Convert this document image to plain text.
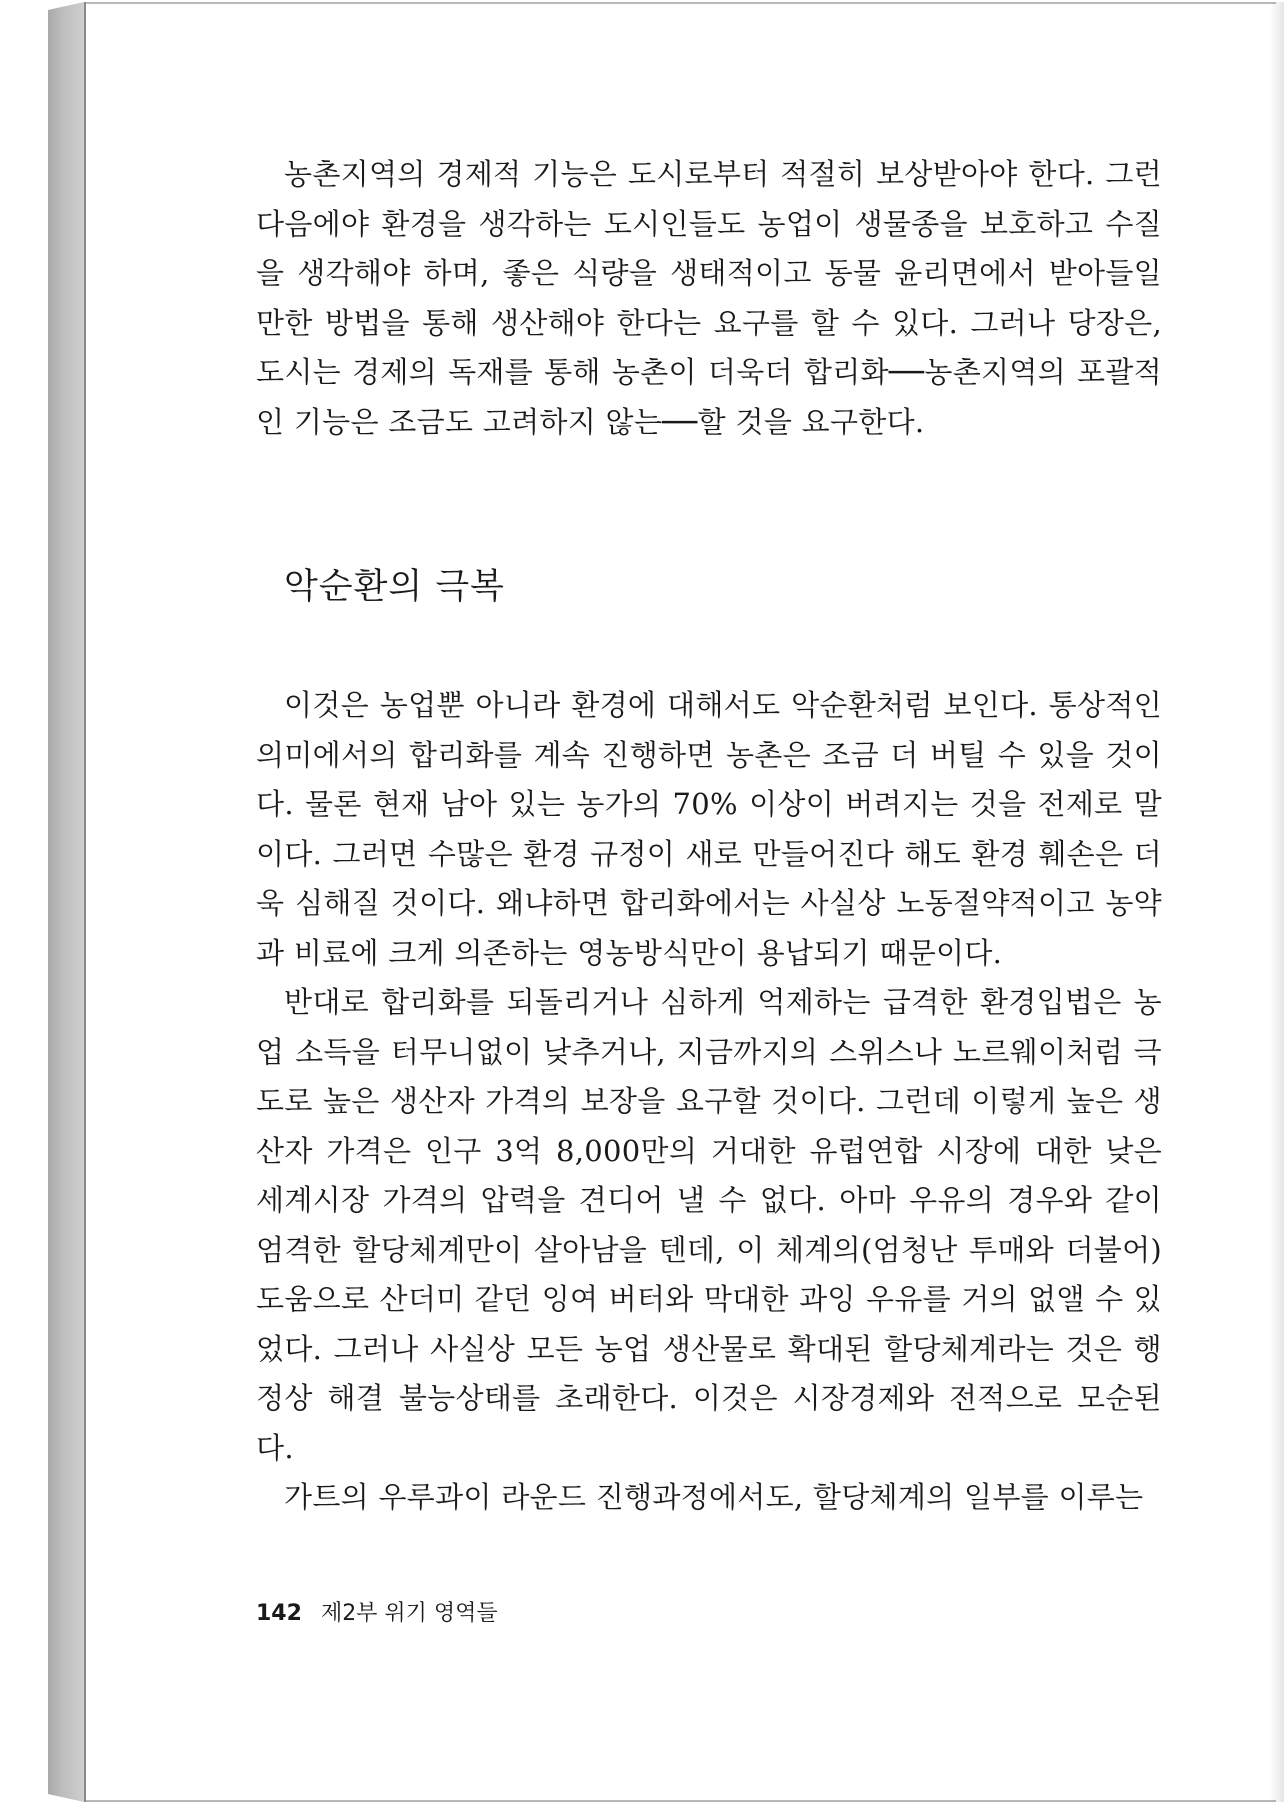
농촌지역의 경제적 기능은 도시로부터 적절히 보상받아야 한다. 그런 다음에야 환경을 생각하는 도시인들도 농업이 생물종을 보호하고 수질을 생각해야 하며, 좋은 식량을 생태적이고 동물 윤리면에서 받아들일 만한 방법을 통해 생산해야 한다는 요구를 할 수 있다. 그러나 당장은, 도시는 경제의 독재를 통해 농촌이 더욱더 합리화──농촌지역의 포괄적인 기능은 조금도 고려하지 않는──할 것을 요구한다.

악순환의 극복

이것은 농업뿐 아니라 환경에 대해서도 악순환처럼 보인다. 통상적인 의미에서의 합리화를 계속 진행하면 농촌은 조금 더 버틸 수 있을 것이다. 물론 현재 남아 있는 농가의 70% 이상이 버려지는 것을 전제로 말이다. 그러면 수많은 환경 규정이 새로 만들어진다 해도 환경 훼손은 더욱 심해질 것이다. 왜냐하면 합리화에서는 사실상 노동절약적이고 농약과 비료에 크게 의존하는 영농방식만이 용납되기 때문이다.

반대로 합리화를 되돌리거나 심하게 억제하는 급격한 환경입법은 농업 소득을 터무니없이 낮추거나, 지금까지의 스위스나 노르웨이처럼 극도로 높은 생산자 가격의 보장을 요구할 것이다. 그런데 이렇게 높은 생산자 가격은 인구 3억 8,000만의 거대한 유럽연합 시장에 대한 낮은 세계시장 가격의 압력을 견디어 낼 수 없다. 아마 우유의 경우와 같이 엄격한 할당체계만이 살아남을 텐데, 이 체계의(엄청난 투매와 더불어) 도움으로 산더미 같던 잉여 버터와 막대한 과잉 우유를 거의 없앨 수 있었다. 그러나 사실상 모든 농업 생산물로 확대된 할당체계라는 것은 행정상 해결 불능상태를 초래한다. 이것은 시장경제와 전적으로 모순된다.

가트의 우루과이 라운드 진행과정에서도, 할당체계의 일부를 이루는

142 제2부 위기 영역들
